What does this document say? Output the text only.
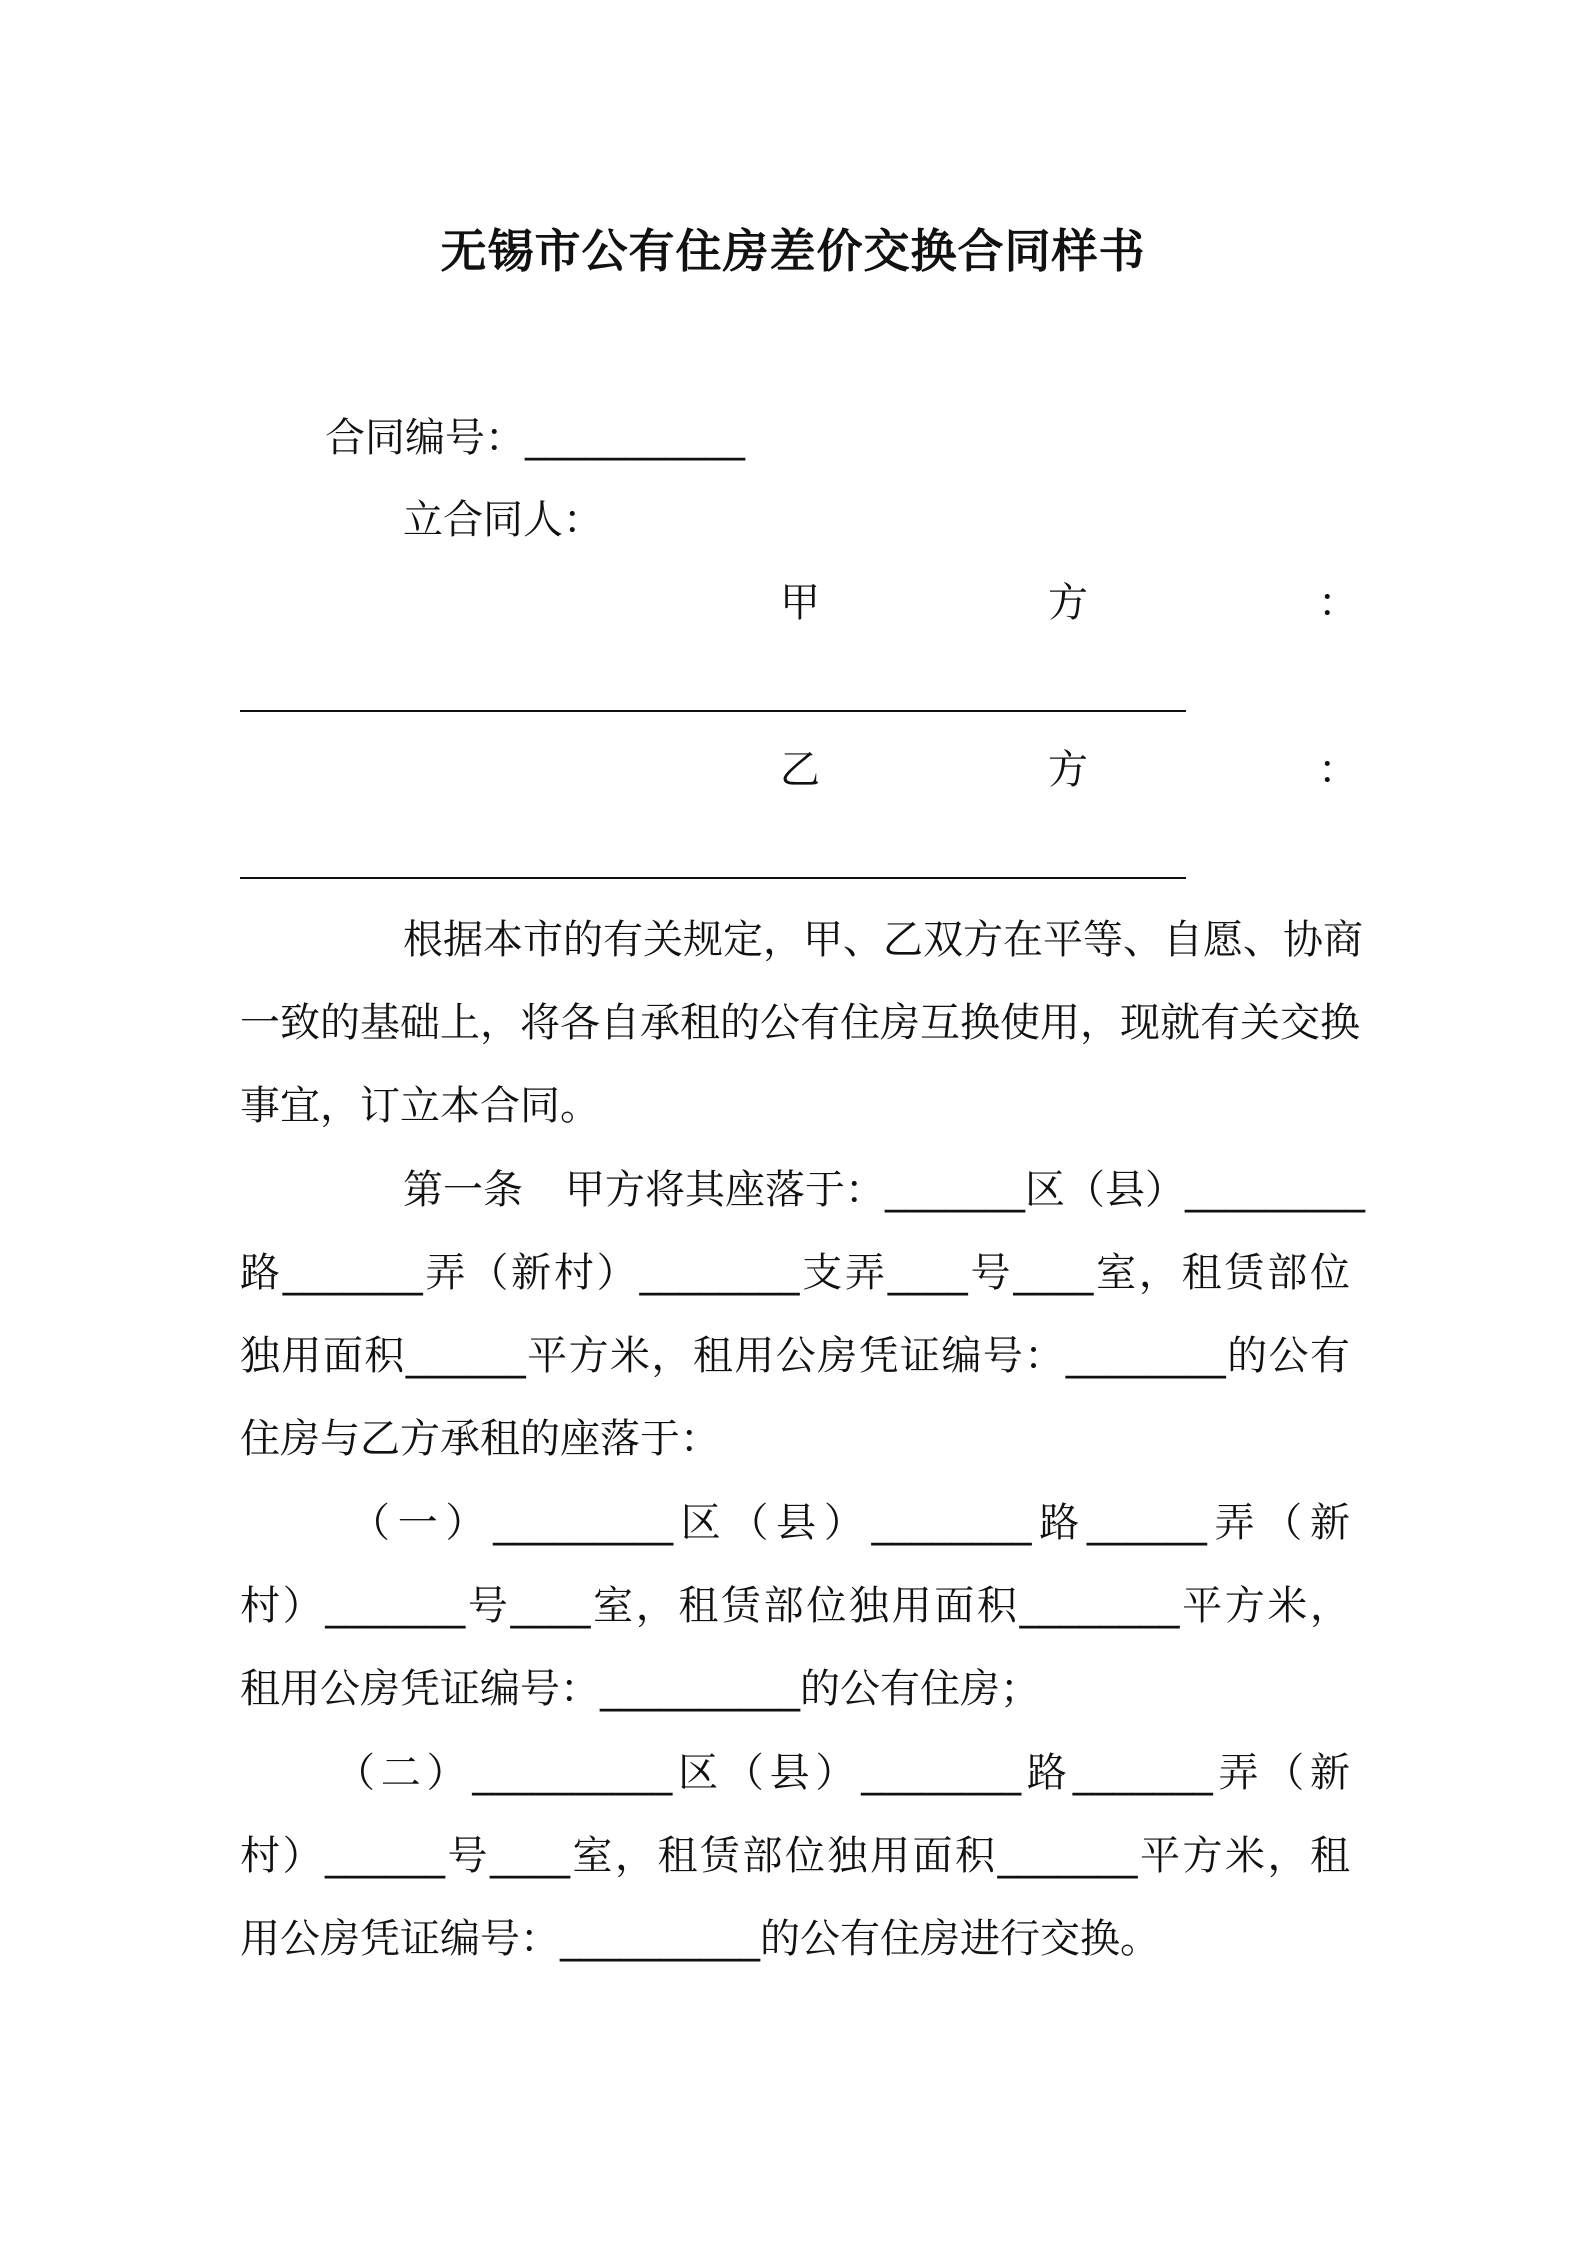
无锡市公有住房差价交换合同样书
合同编号：___________
立合同人：
甲	方	：
乙	方	：
根据本市的有关规定，甲、乙双方在平等、自愿、协商
一致的基础上，将各自承租的公有住房互换使用，现就有关交换
事宜，订立本合同。
第一条 甲方将其座落于：_______区（县）_________
路_______弄（新村）________支弄____号____室，租赁部位
独用面积______平方米，租用公房凭证编号：________的公有
住房与乙方承租的座落于：
（一）_________区（县）________路______弄（新
村）_______号____室，租赁部位独用面积________平方米，
租用公房凭证编号：__________的公有住房；
（二）__________区（县）________路_______弄（新
村）______号____室，租赁部位独用面积_______平方米，租
用公房凭证编号：__________的公有住房进行交换。
